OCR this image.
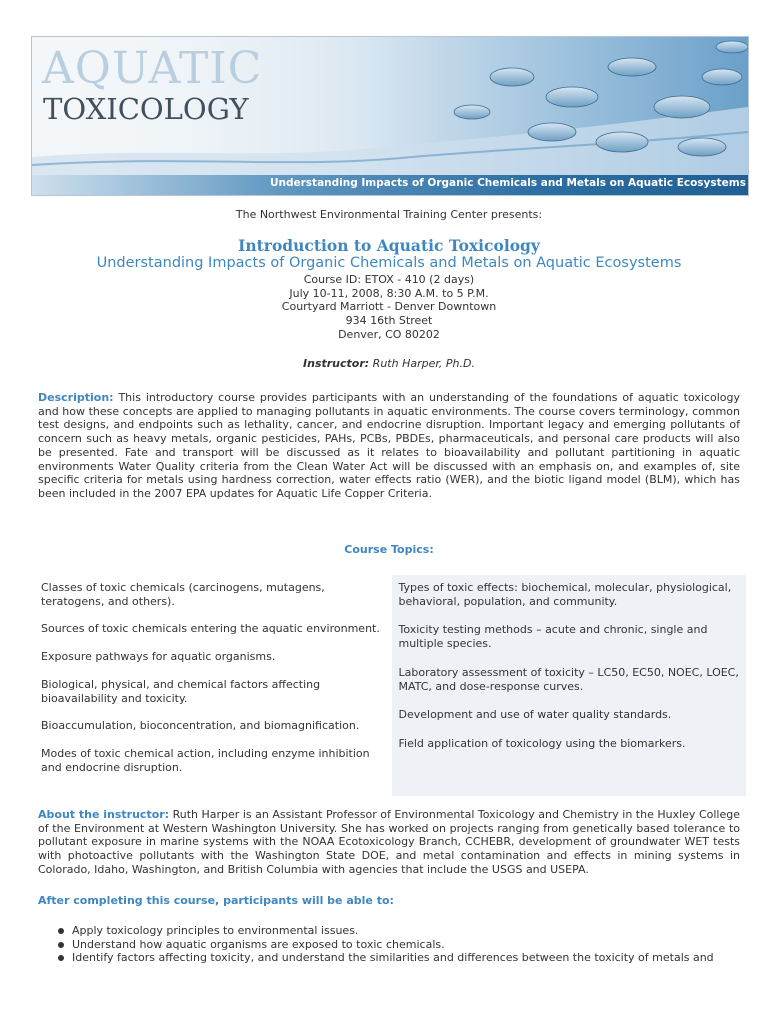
AQUATIC
TOXICOLOGY
Understanding Impacts of Organic Chemicals and Metals on Aquatic Ecosystems
The Northwest Environmental Training Center presents:
Introduction to Aquatic Toxicology
Understanding Impacts of Organic Chemicals and Metals on Aquatic Ecosystems
Course ID: ETOX - 410 (2 days)
July 10-11, 2008, 8:30 A.M. to 5 P.M.
Courtyard Marriott - Denver Downtown
934 16th Street
Denver, CO 80202
Instructor: Ruth Harper, Ph.D.
Description: This introductory course provides participants with an understanding of the foundations of aquatic toxicology and how these concepts are applied to managing pollutants in aquatic environments. The course covers terminology, common test designs, and endpoints such as lethality, cancer, and endocrine disruption. Important legacy and emerging pollutants of concern such as heavy metals, organic pesticides, PAHs, PCBs, PBDEs, pharmaceuticals, and personal care products will also be presented. Fate and transport will be discussed as it relates to bioavailability and pollutant partitioning in aquatic environments Water Quality criteria from the Clean Water Act will be discussed with an emphasis on, and examples of, site specific criteria for metals using hardness correction, water effects ratio (WER), and the biotic ligand model (BLM), which has been included in the 2007 EPA updates for Aquatic Life Copper Criteria.
Course Topics:
Classes of toxic chemicals (carcinogens, mutagens, teratogens, and others).
Sources of toxic chemicals entering the aquatic environment.
Exposure pathways for aquatic organisms.
Biological, physical, and chemical factors affecting bioavailability and toxicity.
Bioaccumulation, bioconcentration, and biomagnification.
Modes of toxic chemical action, including enzyme inhibition and endocrine disruption.
Types of toxic effects: biochemical, molecular, physiological, behavioral, population, and community.
Toxicity testing methods – acute and chronic, single and multiple species.
Laboratory assessment of toxicity – LC50, EC50, NOEC, LOEC, MATC, and dose-response curves.
Development and use of water quality standards.
Field application of toxicology using the biomarkers.
About the instructor: Ruth Harper is an Assistant Professor of Environmental Toxicology and Chemistry in the Huxley College of the Environment at Western Washington University. She has worked on projects ranging from genetically based tolerance to pollutant exposure in marine systems with the NOAA Ecotoxicology Branch, CCHEBR, development of groundwater WET tests with photoactive pollutants with the Washington State DOE, and metal contamination and effects in mining systems in Colorado, Idaho, Washington, and British Columbia with agencies that include the USGS and USEPA.
After completing this course, participants will be able to:
Apply toxicology principles to environmental issues.
Understand how aquatic organisms are exposed to toxic chemicals.
Identify factors affecting toxicity, and understand the similarities and differences between the toxicity of metals and
